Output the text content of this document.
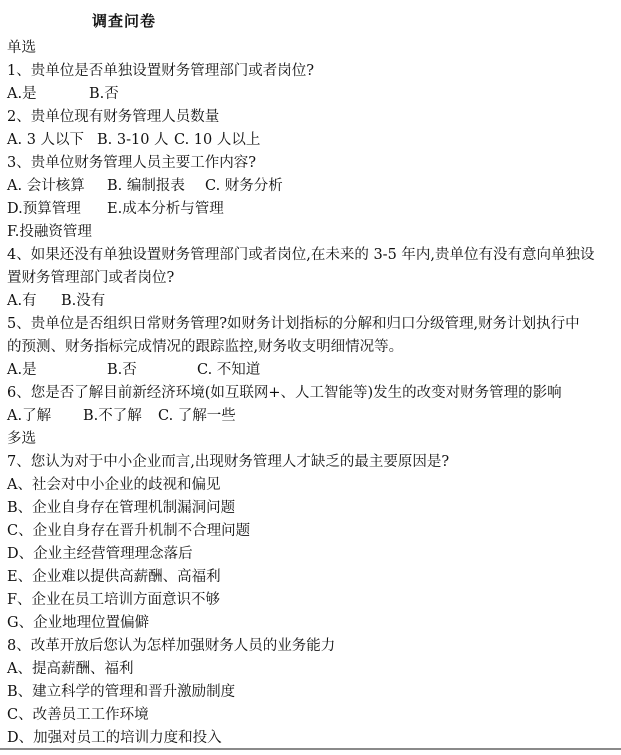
调查问卷
单选
1、贵单位是否单独设置财务管理部门或者岗位?
A.是	B.否
2、贵单位现有财务管理人员数量
A. 3 人以下 B. 3-10 人 C. 10 人以上
3、贵单位财务管理人员主要工作内容?
A. 会计核算 B. 编制报表 C. 财务分析
D.预算管理 E.成本分析与管理
F.投融资管理
4、如果还没有单独设置财务管理部门或者岗位,在未来的 3-5 年内,贵单位有没有意向单独设
置财务管理部门或者岗位?
A.有 B.没有
5、贵单位是否组织日常财务管理?如财务计划指标的分解和归口分级管理,财务计划执行中
的预测、财务指标完成情况的跟踪监控,财务收支明细情况等。
A.是	B.否	C. 不知道
6、您是否了解目前新经济环境(如互联网+、人工智能等)发生的改变对财务管理的影响
A.了解 B.不了解 C. 了解一些
多选
7、您认为对于中小企业而言,出现财务管理人才缺乏的最主要原因是?
A、社会对中小企业的歧视和偏见
B、企业自身存在管理机制漏洞问题
C、企业自身存在晋升机制不合理问题
D、企业主经营管理理念落后
E、企业难以提供高薪酬、高福利
F、企业在员工培训方面意识不够
G、企业地理位置偏僻
8、改革开放后您认为怎样加强财务人员的业务能力
A、提高薪酬、福利
B、建立科学的管理和晋升激励制度
C、改善员工工作环境
D、加强对员工的培训力度和投入
